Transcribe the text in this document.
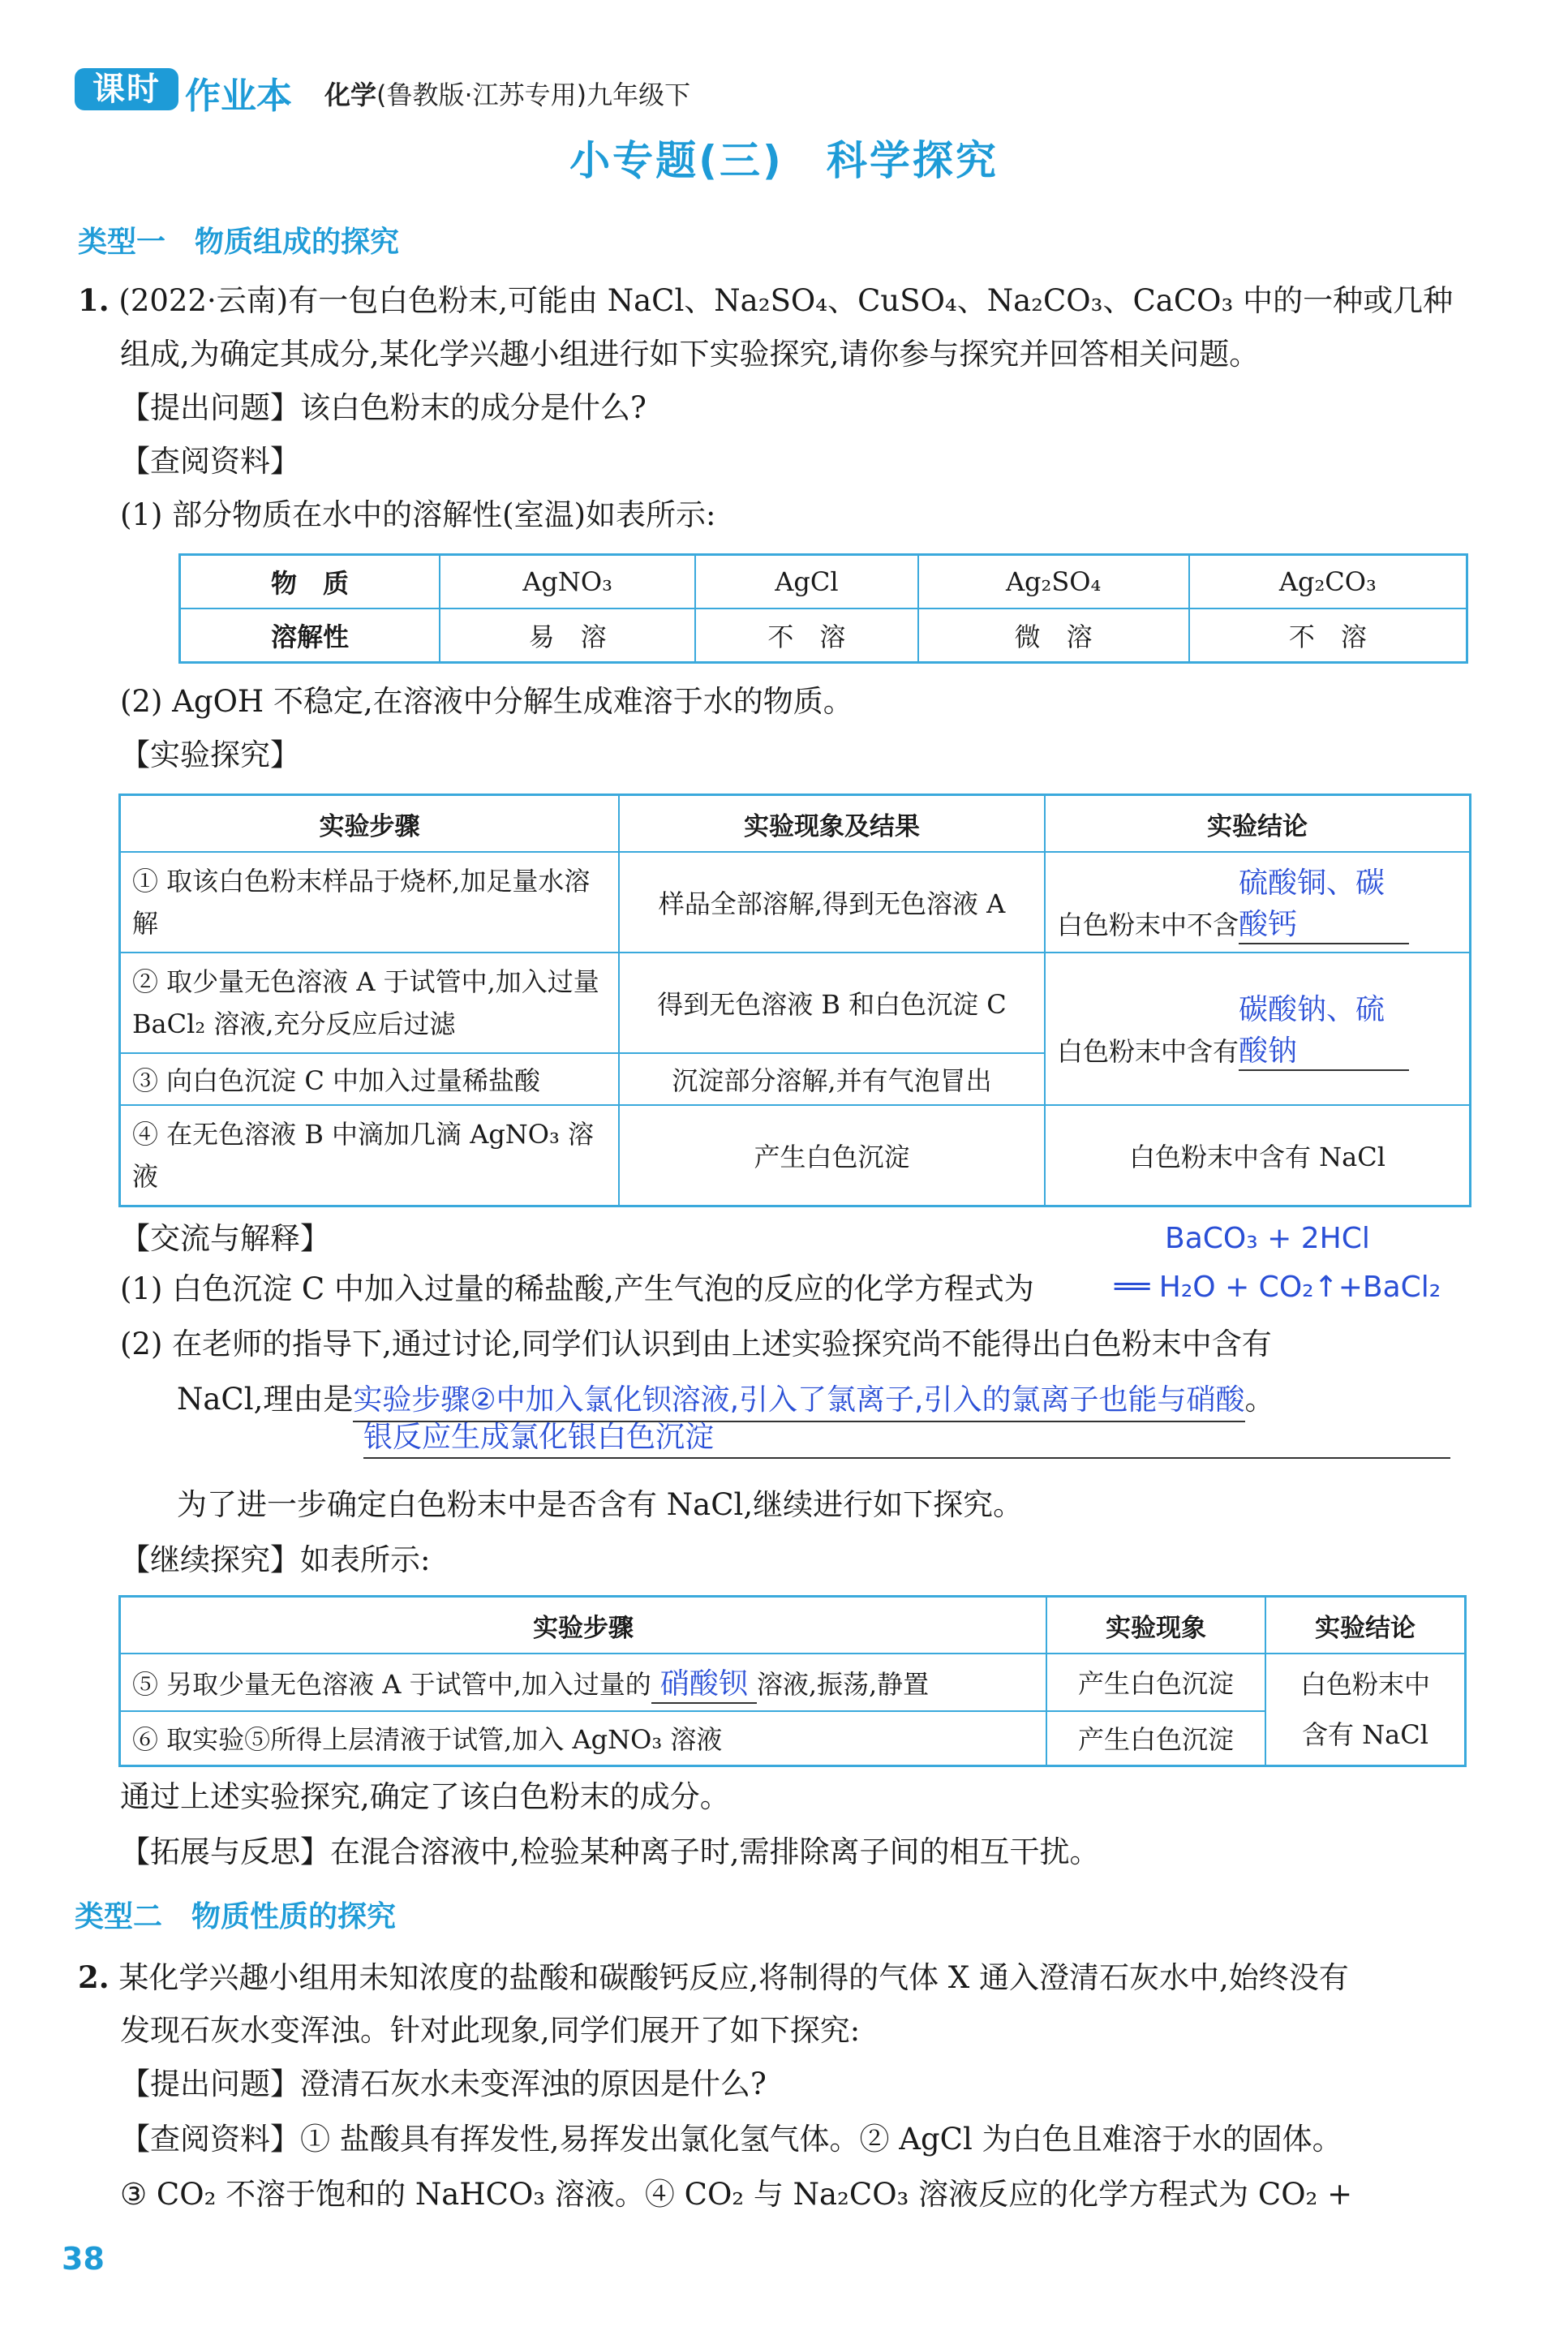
课时 作业本 化学(鲁教版·江苏专用)九年级下
小专题(三)　科学探究
类型一　物质组成的探究
1. (2022·云南)有一包白色粉末,可能由 NaCl、Na₂SO₄、CuSO₄、Na₂CO₃、CaCO₃ 中的一种或几种
组成,为确定其成分,某化学兴趣小组进行如下实验探究,请你参与探究并回答相关问题。
【提出问题】该白色粉末的成分是什么?
【查阅资料】
(1) 部分物质在水中的溶解性(室温)如表所示:
物　质	AgNO₃	AgCl	Ag₂SO₄	Ag₂CO₃
溶解性	易　溶	不　溶	微　溶	不　溶
(2) AgOH 不稳定,在溶液中分解生成难溶于水的物质。
【实验探究】
实验步骤	实验现象及结果	实验结论
① 取该白色粉末样品于烧杯,加足量水溶解	样品全部溶解,得到无色溶液 A	白色粉末中不含硫酸铜、碳酸钙
② 取少量无色溶液 A 于试管中,加入过量 BaCl₂ 溶液,充分反应后过滤	得到无色溶液 B 和白色沉淀 C	白色粉末中含有碳酸钠、硫酸钠
③ 向白色沉淀 C 中加入过量稀盐酸	沉淀部分溶解,并有气泡冒出	
④ 在无色溶液 B 中滴加几滴 AgNO₃ 溶液	产生白色沉淀	白色粉末中含有 NaCl
【交流与解释】	BaCO₃ + 2HCl
(1) 白色沉淀 C 中加入过量的稀盐酸,产生气泡的反应的化学方程式为	══ H₂O + CO₂↑+BaCl₂
(2) 在老师的指导下,通过讨论,同学们认识到由上述实验探究尚不能得出白色粉末中含有
NaCl,理由是实验步骤②中加入氯化钡溶液,引入了氯离子,引入的氯离子也能与硝酸。
银反应生成氯化银白色沉淀
为了进一步确定白色粉末中是否含有 NaCl,继续进行如下探究。
【继续探究】如表所示:
实验步骤	实验现象	实验结论
⑤ 另取少量无色溶液 A 于试管中,加入过量的 硝酸钡 溶液,振荡,静置	产生白色沉淀	白色粉末中
含有 NaCl

⑥ 取实验⑤所得上层清液于试管,加入 AgNO₃ 溶液	产生白色沉淀	
通过上述实验探究,确定了该白色粉末的成分。
【拓展与反思】在混合溶液中,检验某种离子时,需排除离子间的相互干扰。
类型二　物质性质的探究
2. 某化学兴趣小组用未知浓度的盐酸和碳酸钙反应,将制得的气体 X 通入澄清石灰水中,始终没有
发现石灰水变浑浊。针对此现象,同学们展开了如下探究:
【提出问题】澄清石灰水未变浑浊的原因是什么?
【查阅资料】① 盐酸具有挥发性,易挥发出氯化氢气体。② AgCl 为白色且难溶于水的固体。
③ CO₂ 不溶于饱和的 NaHCO₃ 溶液。④ CO₂ 与 Na₂CO₃ 溶液反应的化学方程式为 CO₂ +
38
